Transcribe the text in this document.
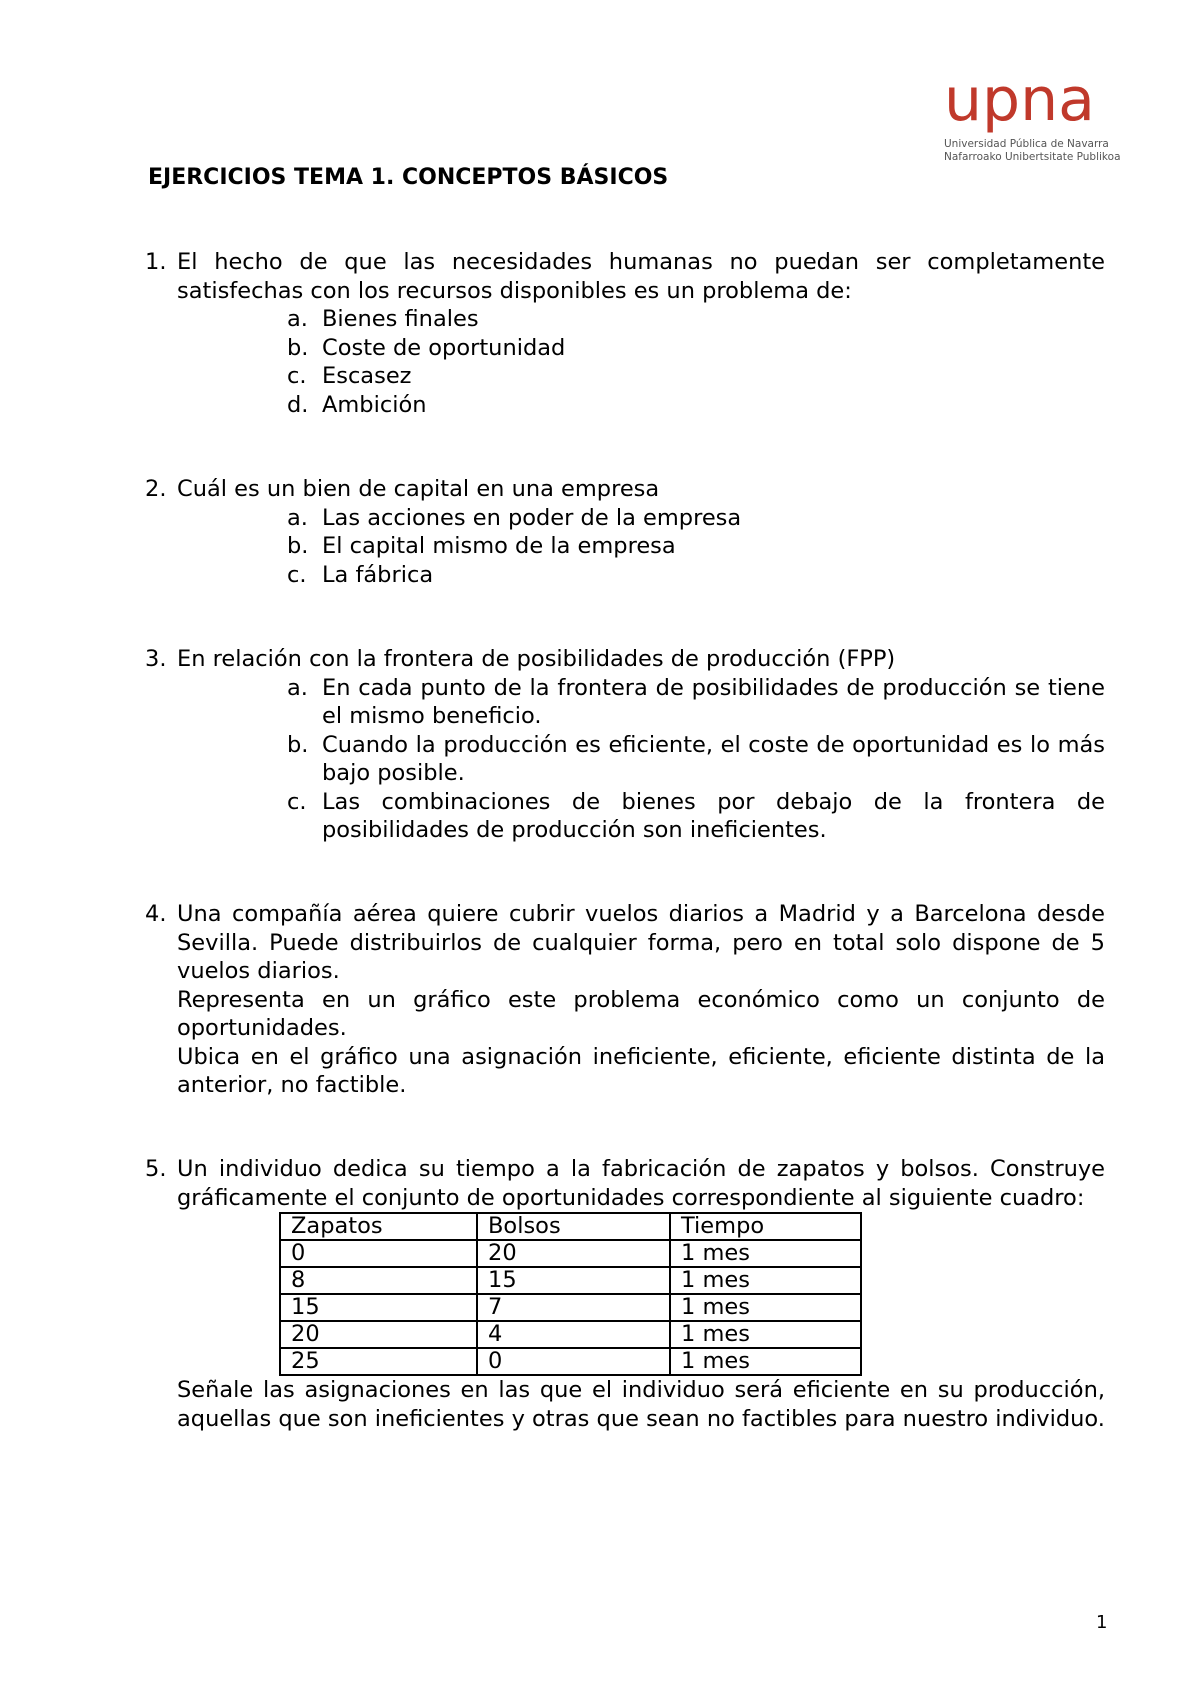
upna
Universidad Pública de Navarra
Nafarroako Unibertsitate Publikoa
EJERCICIOS TEMA 1. CONCEPTOS BÁSICOS
1. El hecho de que las necesidades humanas no puedan ser completamente satisfechas con los recursos disponibles es un problema de:

a. Bienes finales
b. Coste de oportunidad
c. Escasez
d. Ambición
2. Cuál es un bien de capital en una empresa

a. Las acciones en poder de la empresa
b. El capital mismo de la empresa
c. La fábrica
3. En relación con la frontera de posibilidades de producción (FPP)

a. En cada punto de la frontera de posibilidades de producción se tiene el mismo beneficio.
b. Cuando la producción es eficiente, el coste de oportunidad es lo más bajo posible.
c. Las combinaciones de bienes por debajo de la frontera de posibilidades de producción son ineficientes.
4. Una compañía aérea quiere cubrir vuelos diarios a Madrid y a Barcelona desde Sevilla. Puede distribuirlos de cualquier forma, pero en total solo dispone de 5 vuelos diarios.

Representa en un gráfico este problema económico como un conjunto de oportunidades.

Ubica en el gráfico una asignación ineficiente, eficiente, eficiente distinta de la anterior, no factible.

5. Un individuo dedica su tiempo a la fabricación de zapatos y bolsos. Construye gráficamente el conjunto de oportunidades correspondiente al siguiente cuadro:

Zapatos	Bolsos	Tiempo
0	20	1 mes
8	15	1 mes
15	7	1 mes
20	4	1 mes
25	0	1 mes

Señale las asignaciones en las que el individuo será eficiente en su producción, aquellas que son ineficientes y otras que sean no factibles para nuestro individuo.

1
